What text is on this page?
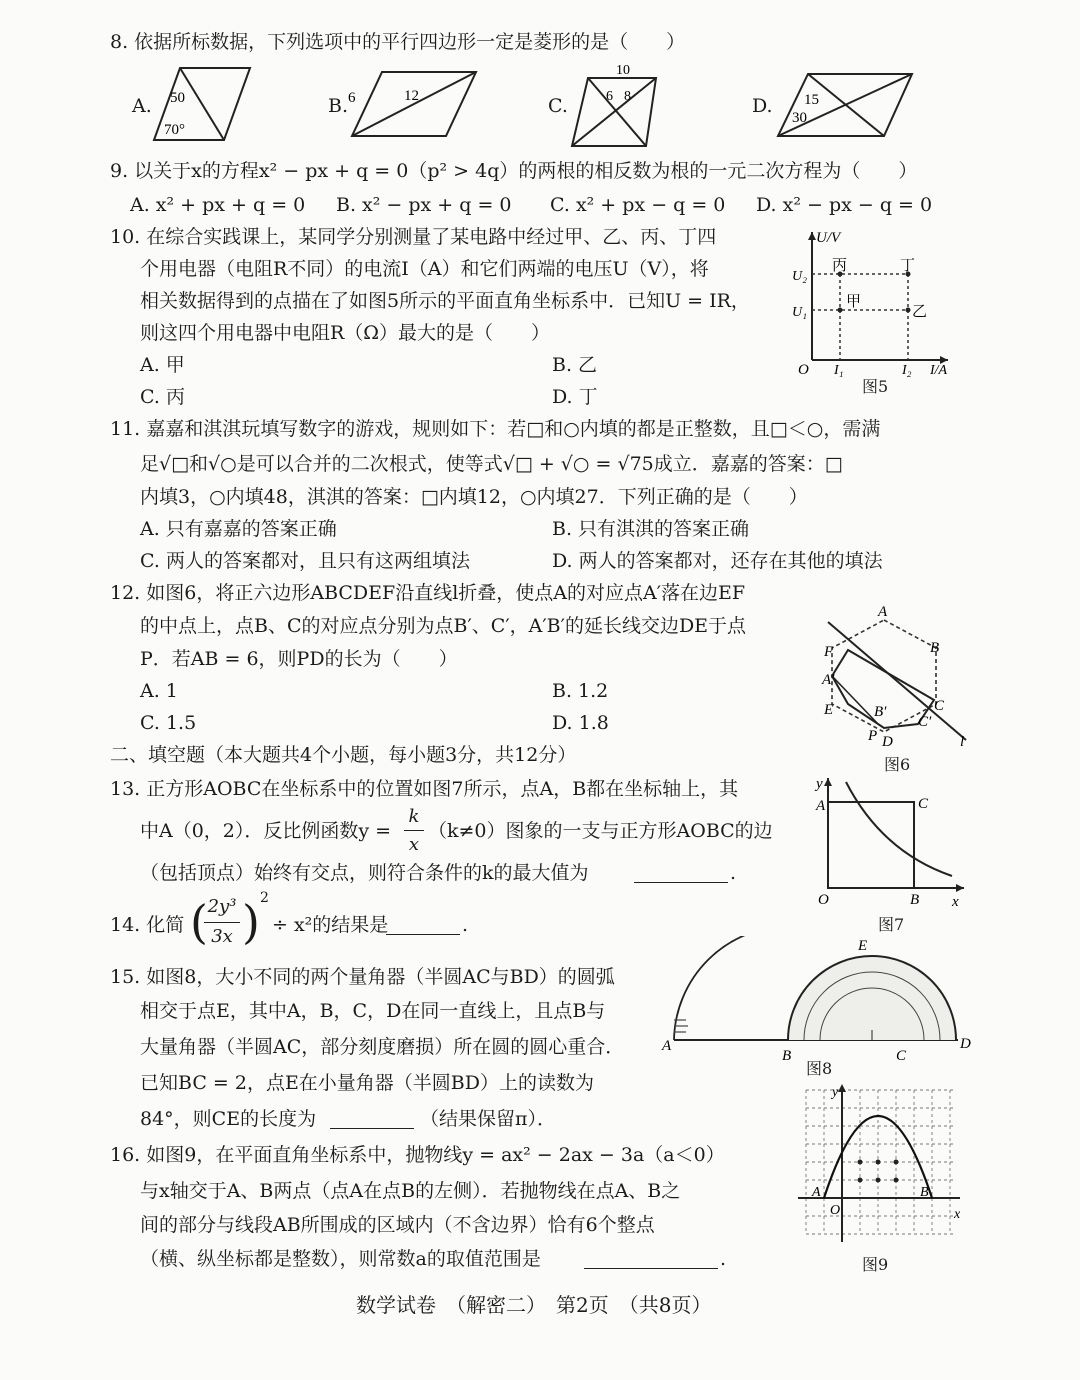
8. 依据所标数据，下列选项中的平行四边形一定是菱形的是（　　）
A. 50
70°
B. 6	12	C.
10
6 8	D. 15
30
9. 以关于x的方程x² − px + q = 0（p² > 4q）的两根的相反数为根的一元二次方程为（　　）
A. x² + px + q = 0 B. x² − px + q = 0 C. x² + px − q = 0 D. x² − px − q = 0
10. 在综合实践课上，某同学分别测量了某电路中经过甲、乙、丙、丁四
个用电器（电阻R不同）的电流I（A）和它们两端的电压U（V），将
相关数据得到的点描在了如图5所示的平面直角坐标系中．已知U = IR，
则这四个用电器中电阻R（Ω）最大的是（　　）
A. 甲	B. 乙
C. 丙	D. 丁
U/V
U₂
U₁
O I₁	I₂ I/A
丙	丁
甲
乙
图5
11. 嘉嘉和淇淇玩填写数字的游戏，规则如下：若□和○内填的都是正整数，且□＜○，需满
足√□和√○是可以合并的二次根式，使等式√□ + √○ = √75成立．嘉嘉的答案：□
内填3，○内填48，淇淇的答案：□内填12，○内填27．下列正确的是（　　）
A. 只有嘉嘉的答案正确	B. 只有淇淇的答案正确
C. 两人的答案都对，且只有这两组填法	D. 两人的答案都对，还存在其他的填法
12. 如图6，将正六边形ABCDEF沿直线l折叠，使点A的对应点A′落在边EF
的中点上，点B、C的对应点分别为点B′、C′，A′B′的延长线交边DE于点
P．若AB = 6，则PD的长为（　　）
A. 1	B. 1.2
C. 1.5	D. 1.8
A
B
C
D
E
F
A′
B′
C′
P	l
图6
二、填空题（本大题共4个小题，每小题3分，共12分）
13. 正方形AOBC在坐标系中的位置如图7所示，点A，B都在坐标轴上，其
中A（0，2）．反比例函数y =
k
x
（k≠0）图象的一支与正方形AOBC的边
（包括顶点）始终有交点，则符合条件的k的最大值为	.
y
A	C
O	B x
图7
14. 化简 ( 2y³
3x ) 2
÷ x²的结果是	.
15. 如图8，大小不同的两个量角器（半圆AC与BD）的圆弧
相交于点E，其中A，B，C，D在同一直线上，且点B与
大量角器（半圆AC，部分刻度磨损）所在圆的圆心重合．
已知BC = 2，点E在小量角器（半圆BD）上的读数为
84°，则CE的长度为	（结果保留π）．
A
B	C
D
E
图8
16. 如图9，在平面直角坐标系中，抛物线y = ax² − 2ax − 3a（a＜0）
与x轴交于A、B两点（点A在点B的左侧）．若抛物线在点A、B之
间的部分与线段AB所围成的区域内（不含边界）恰有6个整点
（横、纵坐标都是整数），则常数a的取值范围是	.
y
x
A	B
O
图9
数学试卷　（解密二）　第2页　（共8页）
